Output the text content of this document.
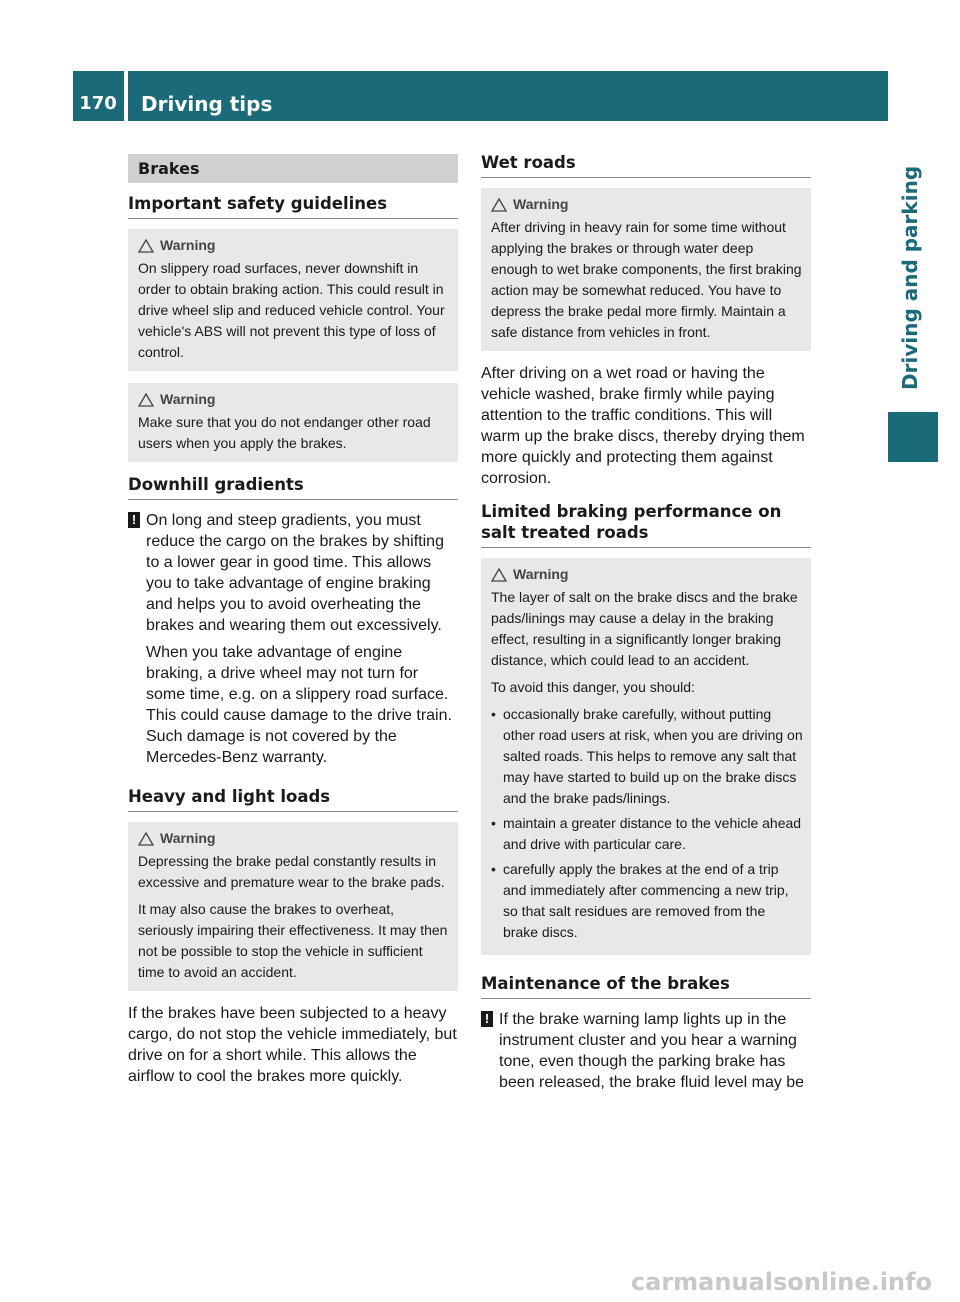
170	Driving tips
Driving and parking
Brakes
Important safety guidelines
Warning

On slippery road surfaces, never downshift in order to obtain braking action. This could result in drive wheel slip and reduced vehicle control. Your vehicle's ABS will not prevent this type of loss of control.

Warning

Make sure that you do not endanger other road users when you apply the brakes.

Downhill gradients
! On long and steep gradients, you must reduce the cargo on the brakes by shifting to a lower gear in good time. This allows you to take advantage of engine braking and helps you to avoid overheating the brakes and wearing them out excessively.

When you take advantage of engine braking, a drive wheel may not turn for some time, e.g. on a slippery road surface. This could cause damage to the drive train. Such damage is not covered by the Mercedes-Benz warranty.

Heavy and light loads
Warning

Depressing the brake pedal constantly results in excessive and premature wear to the brake pads.

It may also cause the brakes to overheat, seriously impairing their effectiveness. It may then not be possible to stop the vehicle in sufficient time to avoid an accident.

If the brakes have been subjected to a heavy cargo, do not stop the vehicle immediately, but drive on for a short while. This allows the airflow to cool the brakes more quickly.

Wet roads
Warning

After driving in heavy rain for some time without applying the brakes or through water deep enough to wet brake components, the first braking action may be somewhat reduced. You have to depress the brake pedal more firmly. Maintain a safe distance from vehicles in front.

After driving on a wet road or having the vehicle washed, brake firmly while paying attention to the traffic conditions. This will warm up the brake discs, thereby drying them more quickly and protecting them against corrosion.

Limited braking performance on salt treated roads
Warning

The layer of salt on the brake discs and the brake pads/linings may cause a delay in the braking effect, resulting in a significantly longer braking distance, which could lead to an accident.

To avoid this danger, you should:

• occasionally brake carefully, without putting other road users at risk, when you are driving on salted roads. This helps to remove any salt that may have started to build up on the brake discs and the brake pads/linings.
• maintain a greater distance to the vehicle ahead and drive with particular care.
• carefully apply the brakes at the end of a trip and immediately after commencing a new trip, so that salt residues are removed from the brake discs.
Maintenance of the brakes
! If the brake warning lamp lights up in the instrument cluster and you hear a warning tone, even though the parking brake has been released, the brake fluid level may be

carmanualsonline.info
